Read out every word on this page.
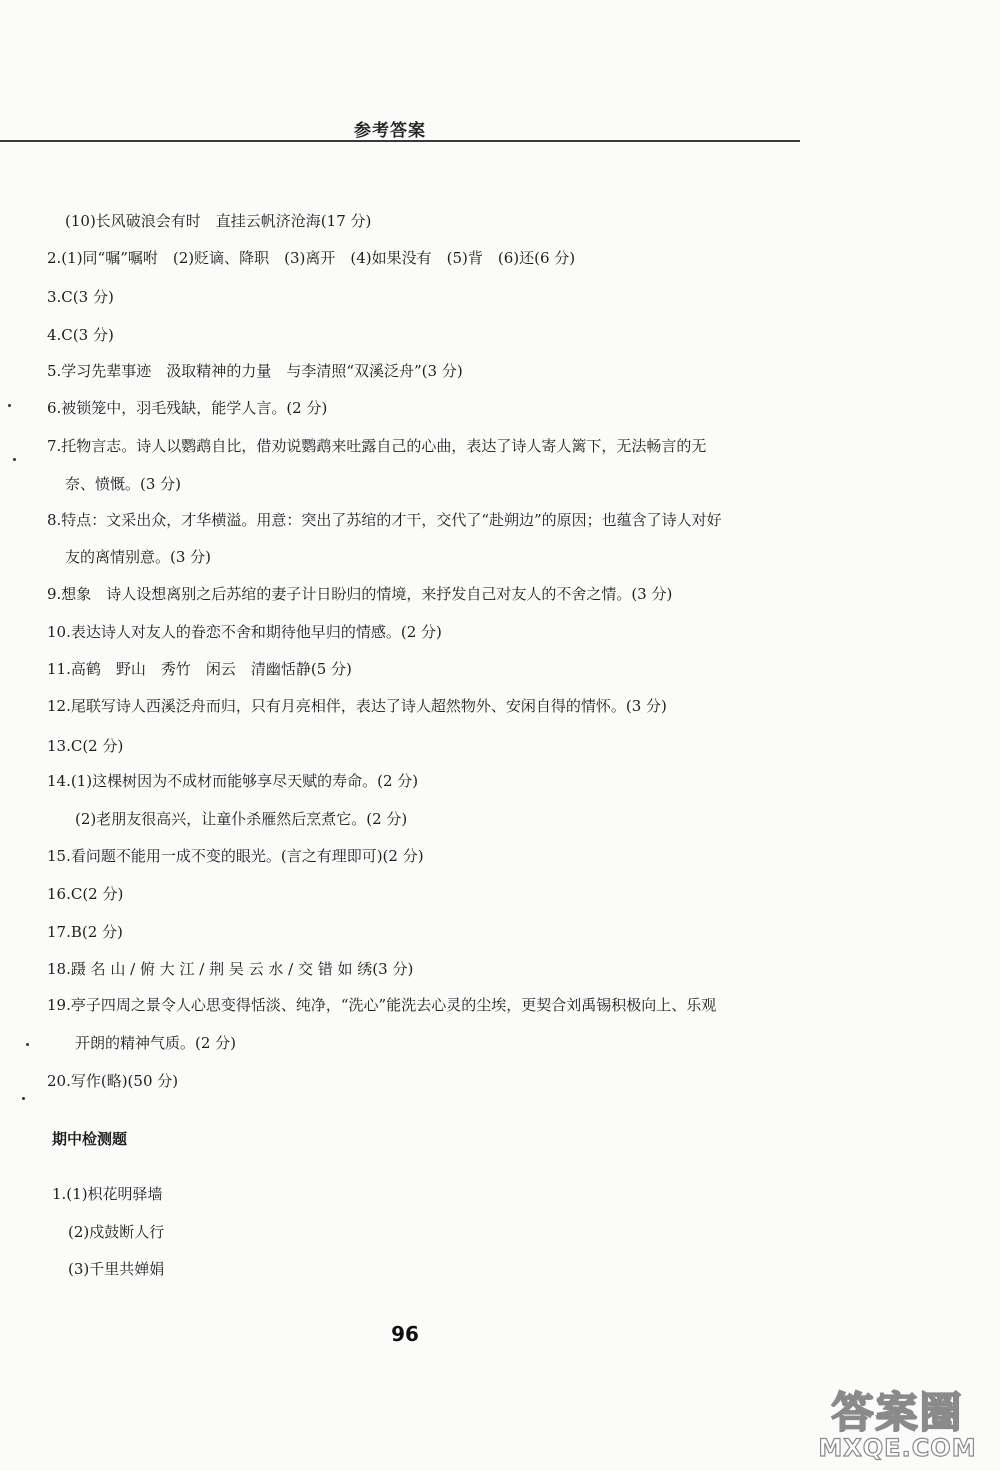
参考答案
(10)长风破浪会有时　直挂云帆济沧海(17 分)
2.(1)同“嘱”嘱咐　(2)贬谪、降职　(3)离开　(4)如果没有　(5)背　(6)还(6 分)
3.C(3 分)
4.C(3 分)
5.学习先辈事迹　汲取精神的力量　与李清照“双溪泛舟”(3 分)
6.被锁笼中，羽毛残缺，能学人言。(2 分)
7.托物言志。诗人以鹦鹉自比，借劝说鹦鹉来吐露自己的心曲，表达了诗人寄人篱下，无法畅言的无
奈、愤慨。(3 分)
8.特点：文采出众，才华横溢。用意：突出了苏绾的才干，交代了“赴朔边”的原因；也蕴含了诗人对好
友的离情别意。(3 分)
9.想象　诗人设想离别之后苏绾的妻子计日盼归的情境，来抒发自己对友人的不舍之情。(3 分)
10.表达诗人对友人的眷恋不舍和期待他早归的情感。(2 分)
11.高鹤　野山　秀竹　闲云　清幽恬静(5 分)
12.尾联写诗人西溪泛舟而归，只有月亮相伴，表达了诗人超然物外、安闲自得的情怀。(3 分)
13.C(2 分)
14.(1)这棵树因为不成材而能够享尽天赋的寿命。(2 分)
(2)老朋友很高兴，让童仆杀雁然后烹煮它。(2 分)
15.看问题不能用一成不变的眼光。(言之有理即可)(2 分)
16.C(2 分)
17.B(2 分)
18.蹑 名 山 / 俯 大 江 / 荆 吴 云 水 / 交 错 如 绣(3 分)
19.亭子四周之景令人心思变得恬淡、纯净，“洗心”能洗去心灵的尘埃，更契合刘禹锡积极向上、乐观
开朗的精神气质。(2 分)
20.写作(略)(50 分)
期中检测题
1.(1)枳花明驿墙
(2)戍鼓断人行
(3)千里共婵娟
96
答案圈
MXQE.COM
